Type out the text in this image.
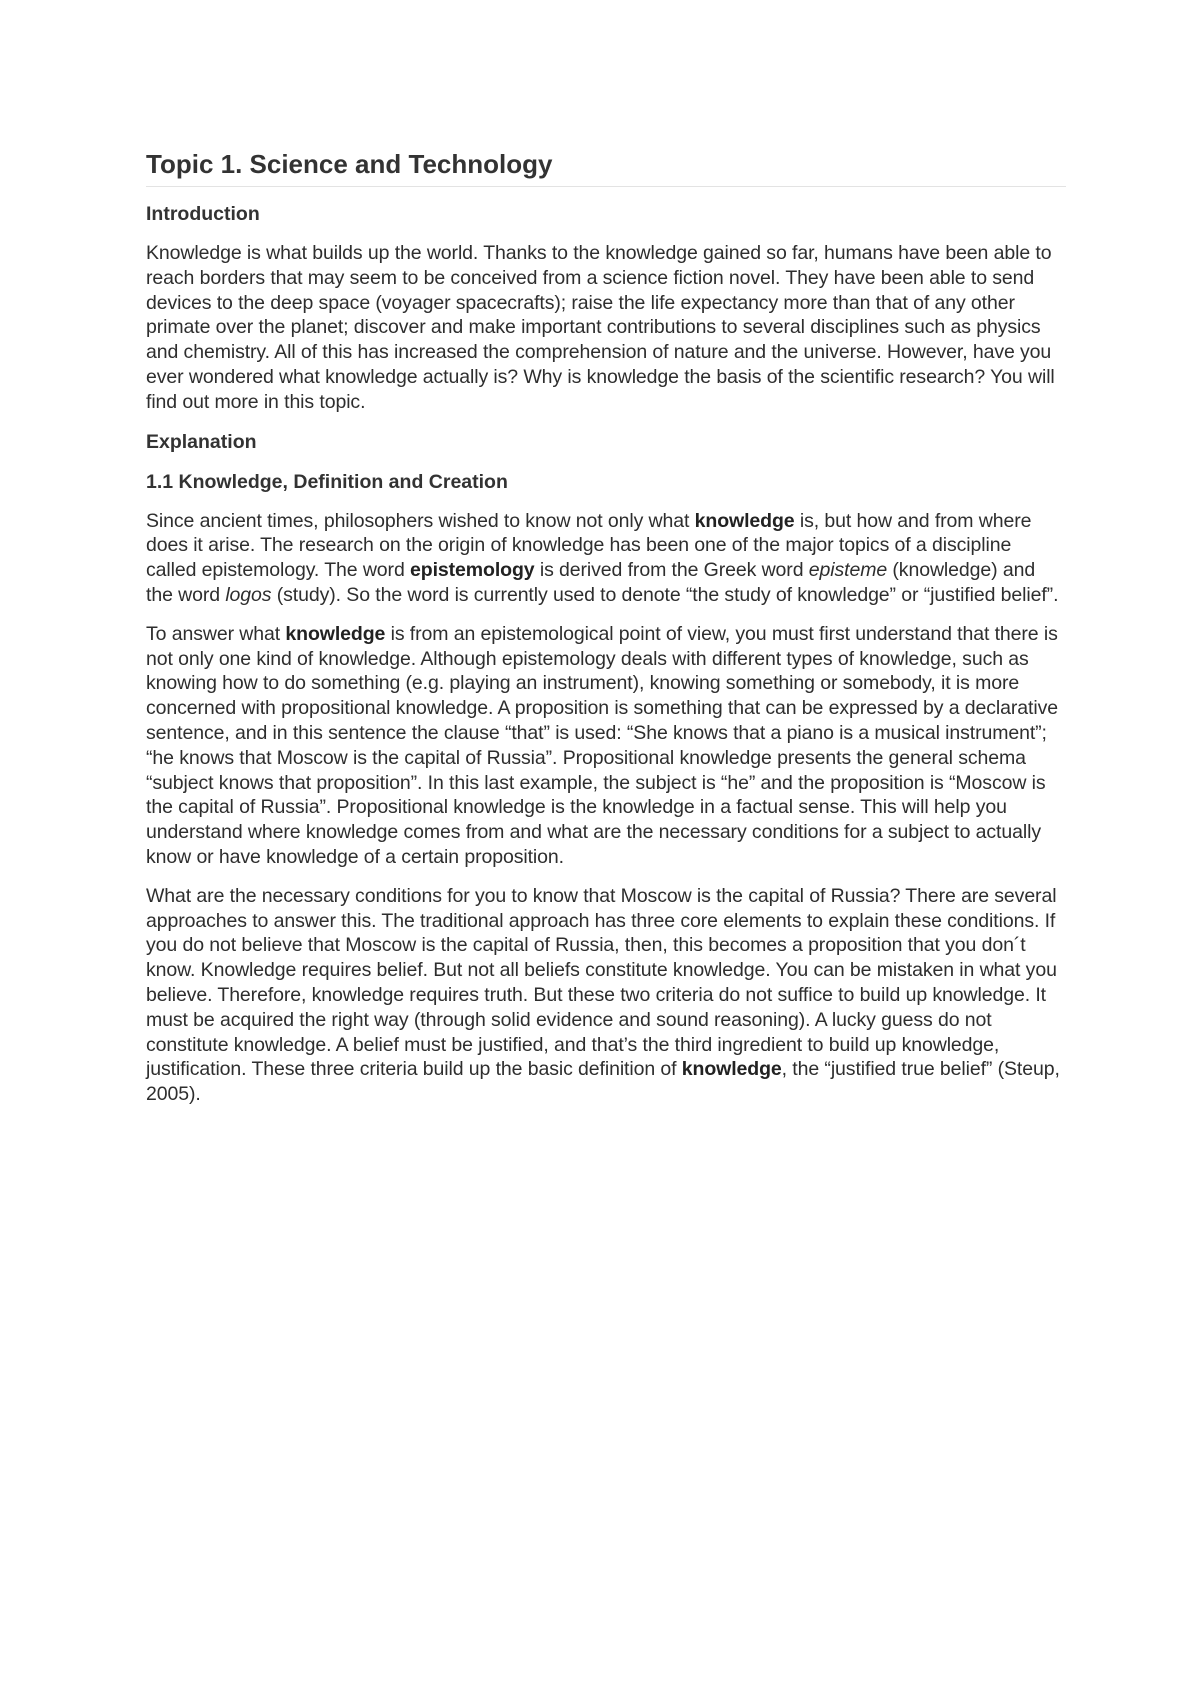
Topic 1. Science and Technology
Introduction

Knowledge is what builds up the world. Thanks to the knowledge gained so far, humans have been able to reach borders that may seem to be conceived from a science fiction novel. They have been able to send devices to the deep space (voyager spacecrafts); raise the life expectancy more than that of any other primate over the planet; discover and make important contributions to several disciplines such as physics and chemistry. All of this has increased the comprehension of nature and the universe. However, have you ever wondered what knowledge actually is? Why is knowledge the basis of the scientific research? You will find out more in this topic.

Explanation
1.1 Knowledge, Definition and Creation

Since ancient times, philosophers wished to know not only what knowledge is, but how and from where does it arise. The research on the origin of knowledge has been one of the major topics of a discipline called epistemology. The word epistemology is derived from the Greek word episteme (knowledge) and the word logos (study). So the word is currently used to denote “the study of knowledge” or “justified belief”.

To answer what knowledge is from an epistemological point of view, you must first understand that there is not only one kind of knowledge. Although epistemology deals with different types of knowledge, such as knowing how to do something (e.g. playing an instrument), knowing something or somebody, it is more concerned with propositional knowledge. A proposition is something that can be expressed by a declarative sentence, and in this sentence the clause “that” is used: “She knows that a piano is a musical instrument”; “he knows that Moscow is the capital of Russia”. Propositional knowledge presents the general schema “subject knows that proposition”. In this last example, the subject is “he” and the proposition is “Moscow is the capital of Russia”. Propositional knowledge is the knowledge in a factual sense. This will help you understand where knowledge comes from and what are the necessary conditions for a subject to actually know or have knowledge of a certain proposition.

What are the necessary conditions for you to know that Moscow is the capital of Russia? There are several approaches to answer this. The traditional approach has three core elements to explain these conditions. If you do not believe that Moscow is the capital of Russia, then, this becomes a proposition that you don´t know. Knowledge requires belief. But not all beliefs constitute knowledge. You can be mistaken in what you believe. Therefore, knowledge requires truth. But these two criteria do not suffice to build up knowledge. It must be acquired the right way (through solid evidence and sound reasoning). A lucky guess do not constitute knowledge. A belief must be justified, and that’s the third ingredient to build up knowledge, justification. These three criteria build up the basic definition of knowledge, the “justified true belief” (Steup, 2005).
